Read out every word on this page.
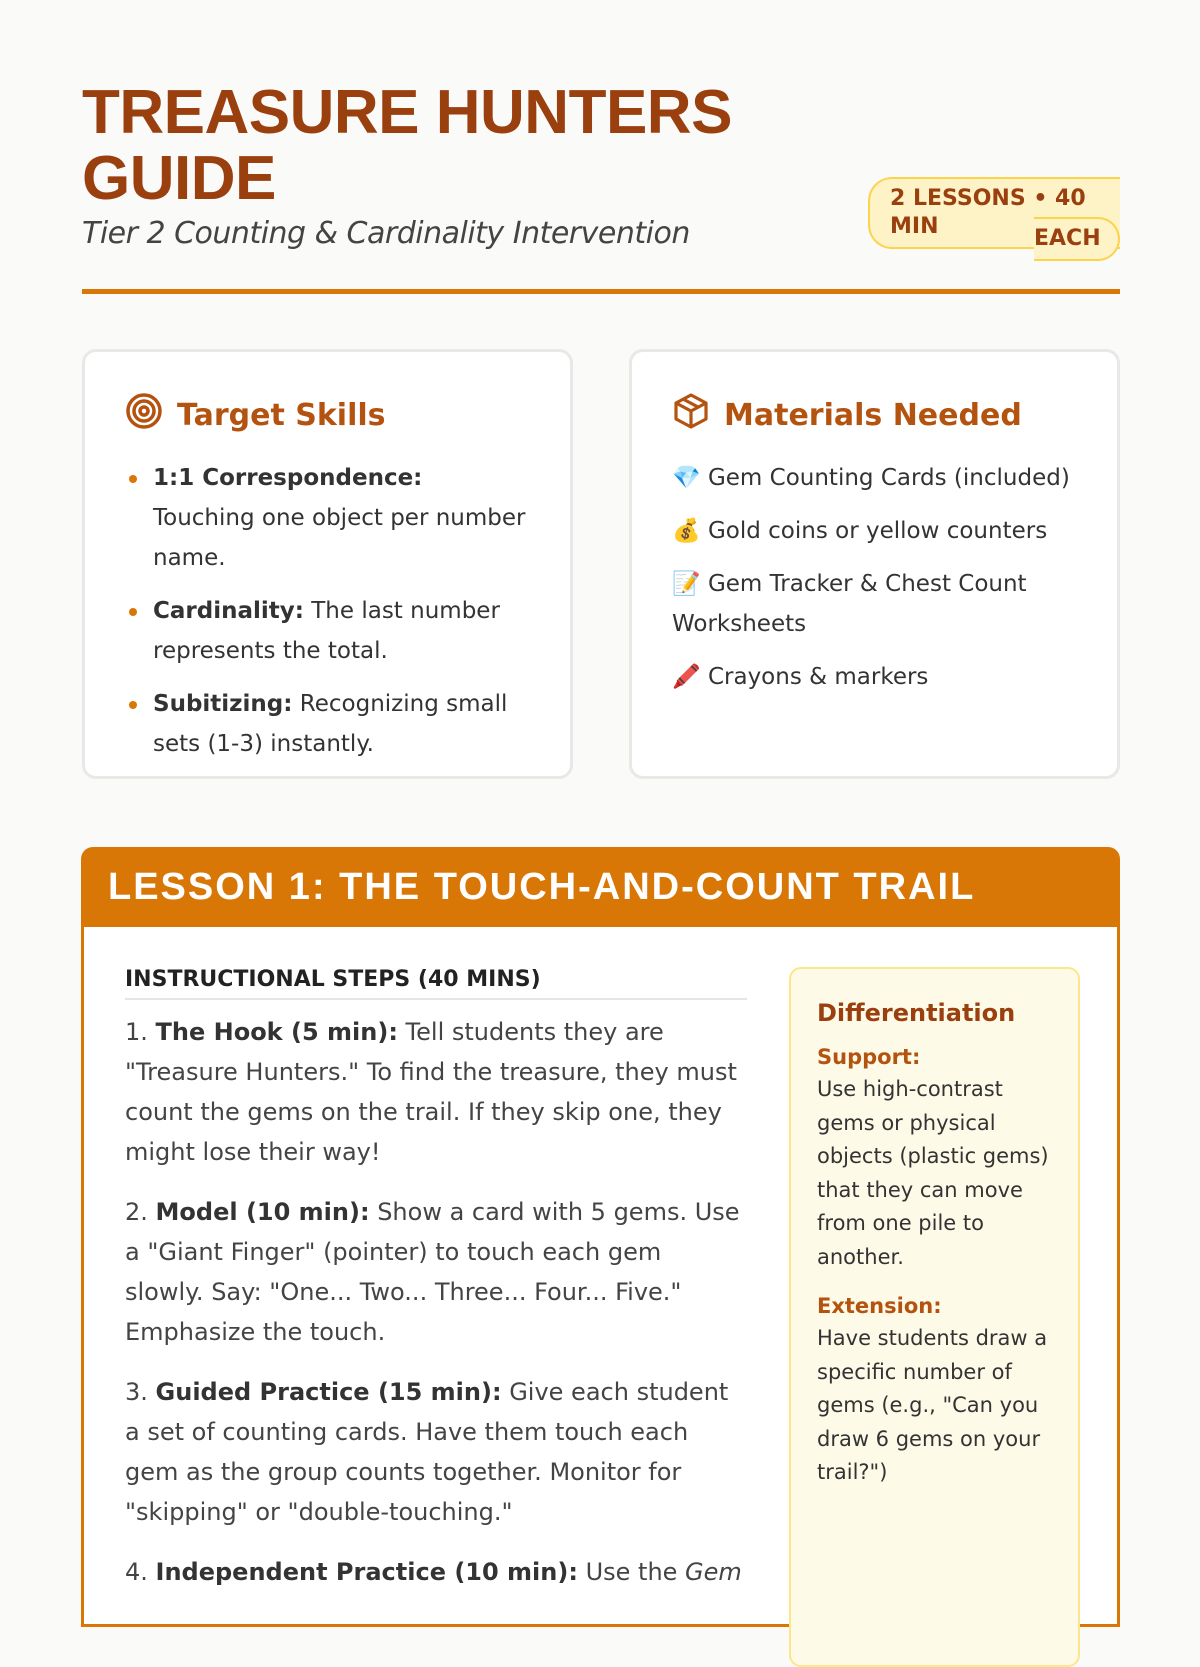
TREASURE HUNTERS GUIDE
Tier 2 Counting & Cardinality Intervention
2 LESSONS • 40 MIN	EACH
Target Skills
1:1 Correspondence: Touching one object per number name.
Cardinality: The last number represents the total.
Subitizing: Recognizing small sets (1-3) instantly.
Materials Needed
💎 Gem Counting Cards (included)
💰 Gold coins or yellow counters
📝 Gem Tracker & Chest Count Worksheets
🖍️ Crayons & markers
LESSON 1: THE TOUCH-AND-COUNT TRAIL
INSTRUCTIONAL STEPS (40 MINS)

1. The Hook (5 min): Tell students they are "Treasure Hunters." To find the treasure, they must count the gems on the trail. If they skip one, they might lose their way!

2. Model (10 min): Show a card with 5 gems. Use a "Giant Finger" (pointer) to touch each gem slowly. Say: "One... Two... Three... Four... Five." Emphasize the touch.

3. Guided Practice (15 min): Give each student a set of counting cards. Have them touch each gem as the group counts together. Monitor for "skipping" or "double-touching."

4. Independent Practice (10 min): Use the Gem

Differentiation
Support:

Use high-contrast gems or physical objects (plastic gems) that they can move from one pile to another.

Extension:

Have students draw a specific number of gems (e.g., "Can you draw 6 gems on your trail?")
